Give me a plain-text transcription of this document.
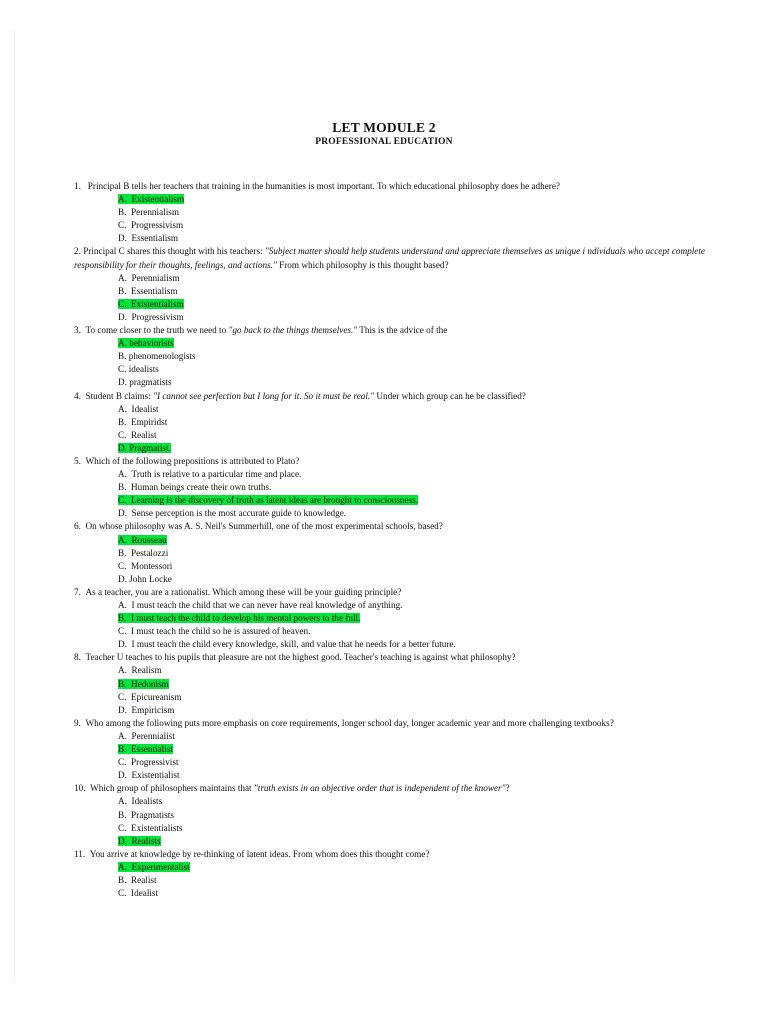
LET MODULE 2
PROFESSIONAL EDUCATION
1.   Principal B tells her teachers that training in the humanities is most important. To which educational philosophy does he adhere?
A.  Existentialism
B.  Perennialism
C.  Progressivism
D.  Essentialism
2. Principal C shares this thought with his teachers: "Subject matter should help students understand and appreciate themselves as unique i ndividuals who accept complete responsibility for their thoughts, feelings, and actions." From which philosophy is this thought based?
A.  Perennialism
B.  Essentialism
C.  Existentialism
D.  Progressivism
3.  To come closer to the truth we need to "go back to the things themselves." This is the advice of the
A. behaviorists
B. phenomenologists
C. idealists
D. pragmatists
4.  Student B claims: "I cannot see perfection but I long for it. So it must be real." Under which group can he be classified?
A.  Idealist
B.  Empiridst
C.  Realist
D. Pragmatist.
5.  Which of the following prepositions is attributed to Plato?
A.  Truth is relative to a particular time and place.
B.  Human beings create their own truths.
C.  Learning is the discovery of truth as latent ideas are brought to consciousness.
D.  Sense perception is the most accurate guide to knowledge.
6.  On whose philosophy was A. S. Neil's Summerhill, one of the most experimental schools, based?
A.  Rousseau
B.  Pestalozzi
C.  Montessori
D. John Locke
7.  As a teacher, you are a rationalist. Which among these will be your guiding principle?
A.  I must teach the child that we can never have real knowledge of anything.
B.  I must teach the child to develop his mental powers to the full.
C.  I must teach the child so he is assured of heaven.
D.  I must teach the child every knowledge, skill, and value that he needs for a better future.
8.  Teacher U teaches to his pupils that pleasure are not the highest good. Teacher's teaching is against what philosophy?
A.  Realism
B.  Hedonism
C.  Epicureanism
D.  Empiricism
9.  Who among the following puts more emphasis on core requirements, longer school day, longer academic year and more challenging textbooks?
A.  Perennialist
B.  Essentialist
C.  Progressivist
D.  Existentialist
10.  Which group of philosophers maintains that "truth exists in an objective order that is independent of the knower"?
A.  Idealists
B.  Pragmatists
C.  Existentialists
D.  Realists
11.  You arrive at knowledge by re-thinking of latent ideas. From whom does this thought come?
A.  Experimentalist
B.  Realist
C.  Idealist
